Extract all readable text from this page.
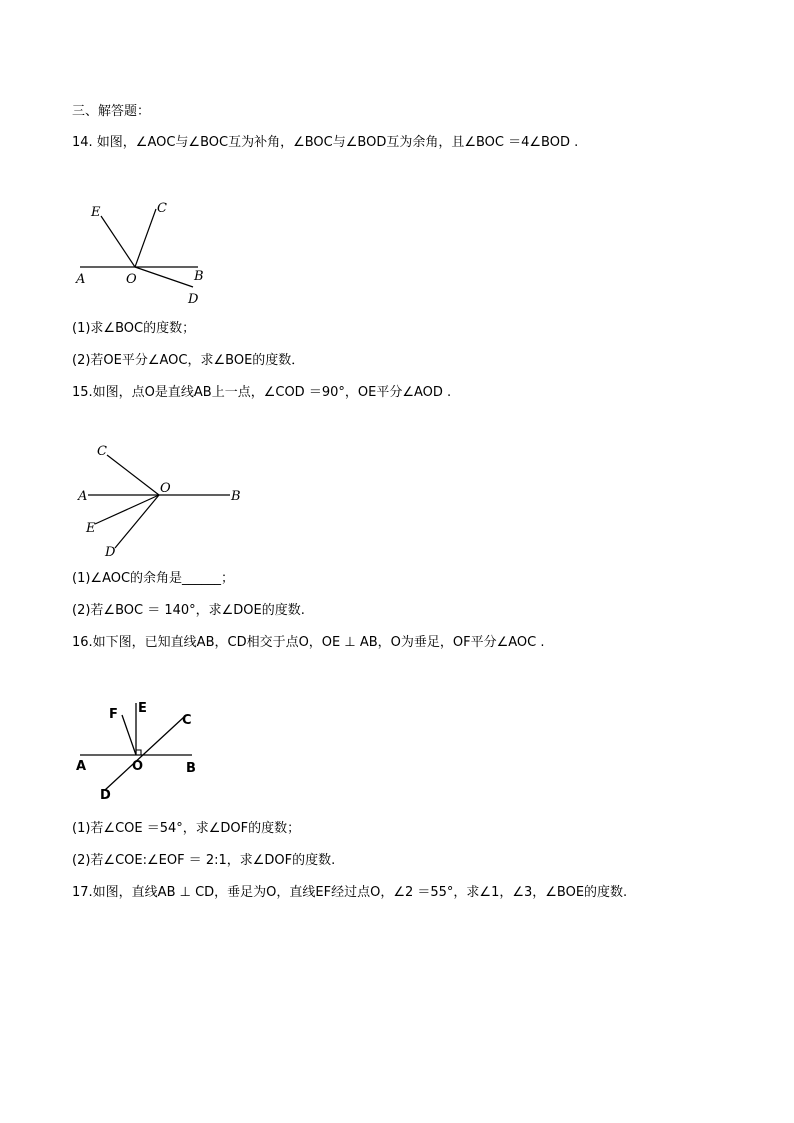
三、解答题：
14. 如图，∠AOC与∠BOC互为补角，∠BOC与∠BOD互为余角，且∠BOC ＝4∠BOD .
E	C
A	O	B
D
(1)求∠BOC的度数；
(2)若OE平分∠AOC，求∠BOE的度数．
15.如图，点O是直线AB上一点，∠COD ＝90°，OE平分∠AOD .
C
O
A	B
E
D
(1)∠AOC的余角是______；
(2)若∠BOC ＝ 140°，求∠DOE的度数.
16.如下图，已知直线AB，CD相交于点O，OE ⊥ AB，O为垂足，OF平分∠AOC .
F E
C
A	O	B
D
(1)若∠COE ＝54°，求∠DOF的度数；
(2)若∠COE:∠EOF ＝ 2:1，求∠DOF的度数.
17.如图，直线AB ⊥ CD，垂足为O，直线EF经过点O，∠2 ＝55°，求∠1，∠3，∠BOE的度数.
